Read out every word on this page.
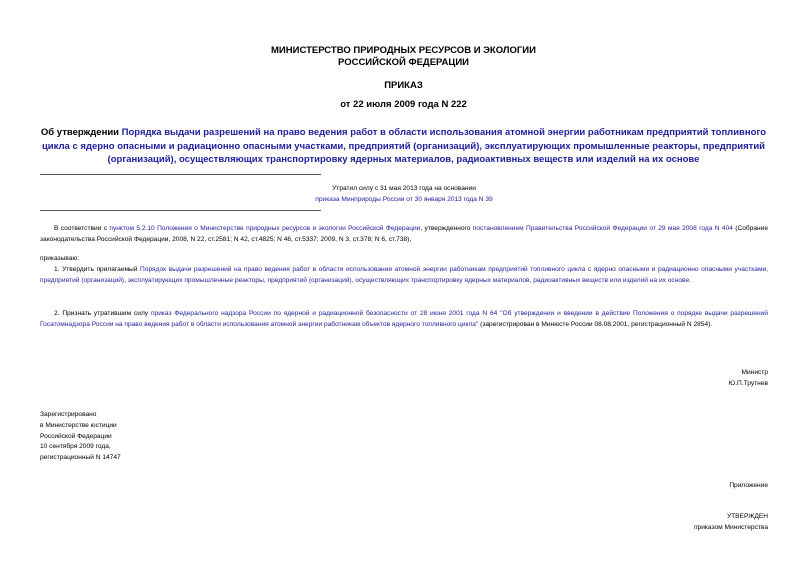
МИНИСТЕРСТВО ПРИРОДНЫХ РЕСУРСОВ И ЭКОЛОГИИ
РОССИЙСКОЙ ФЕДЕРАЦИИ
ПРИКАЗ
от 22 июля 2009 года N 222
Об утверждении Порядка выдачи разрешений на право ведения работ в области использования атомной энергии работникам предприятий топливного цикла с ядерно опасными и радиационно опасными участками, предприятий (организаций), эксплуатирующих промышленные реакторы, предприятий (организаций), осуществляющих транспортировку ядерных материалов, радиоактивных веществ или изделий на их основе
Утратил силу с 31 мая 2013 года на основании
приказа Минприроды России от 30 января 2013 года N 39
В соответствии с пунктом 5.2.10 Положения о Министерстве природных ресурсов и экологии Российской Федерации, утвержденного постановлением Правительства Российской Федерации от 29 мая 2008 года N 404 (Собрание законодательства Российской Федерации, 2008, N 22, ст.2581; N 42, ст.4825; N 46, ст.5337; 2009, N 3, ст.378; N 6, ст.738),
приказываю:
1. Утвердить прилагаемый Порядок выдачи разрешений на право ведения работ в области использования атомной энергии работникам предприятий топливного цикла с ядерно опасными и радиационно опасными участками, предприятий (организаций), эксплуатирующих промышленные реакторы, предприятий (организаций), осуществляющих транспортировку ядерных материалов, радиоактивных веществ или изделий на их основе.
2. Признать утратившим силу приказ Федерального надзора России по ядерной и радиационной безопасности от 28 июня 2001 года N 64 "Об утверждении и введении в действие Положения о порядке выдачи разрешений Госатомнадзора России на право ведения работ в области использования атомной энергии работникам объектов ядерного топливного цикла" (зарегистрирован в Минюсте России 08.08.2001, регистрационный N 2854).
Министр
Ю.П.Трутнев
Зарегистрировано
в Министерстве юстиции
Российской Федерации
10 сентября 2009 года,
регистрационный N 14747
Приложение
УТВЕРЖДЕН
приказом Министерства
